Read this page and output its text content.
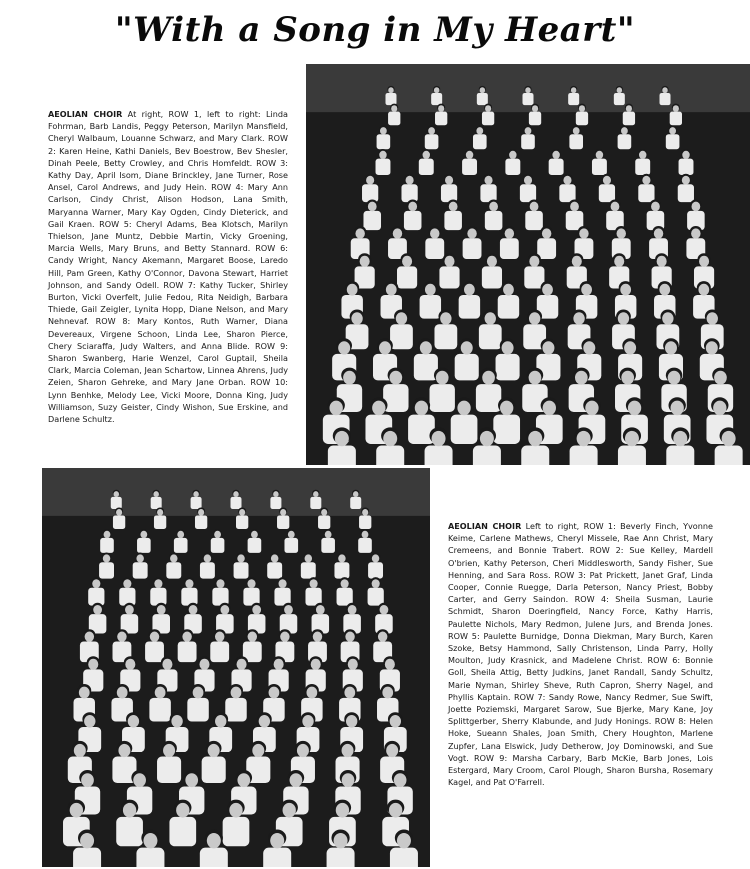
"With a Song in My Heart"
AEOLIAN CHOIR At right, ROW 1, left to right: Linda Fohrman, Barb Landis, Peggy Peterson, Marilyn Mansfield, Cheryl Walbaum, Louanne Schwarz, and Mary Clark. ROW 2: Karen Heine, Kathi Daniels, Bev Boestrow, Bev Shesler, Dinah Peele, Betty Crowley, and Chris Homfeldt. ROW 3: Kathy Day, April Isom, Diane Brinckley, Jane Turner, Rose Ansel, Carol Andrews, and Judy Hein. ROW 4: Mary Ann Carlson, Cindy Christ, Alison Hodson, Lana Smith, Maryanna Warner, Mary Kay Ogden, Cindy Dieterick, and Gail Kraen. ROW 5: Cheryl Adams, Bea Klotsch, Marilyn Thielson, Jane Muntz, Debbie Martin, Vicky Groening, Marcia Wells, Mary Bruns, and Betty Stannard. ROW 6: Candy Wright, Nancy Akemann, Margaret Boose, Laredo Hill, Pam Green, Kathy O'Connor, Davona Stewart, Harriet Johnson, and Sandy Odell. ROW 7: Kathy Tucker, Shirley Burton, Vicki Overfelt, Julie Fedou, Rita Neidigh, Barbara Thiede, Gail Zeigler, Lynita Hopp, Diane Nelson, and Mary Nehnevaf. ROW 8: Mary Kontos, Ruth Warner, Diana Devereaux, Virgene Schoon, Linda Lee, Sharon Pierce, Chery Sciaraffa, Judy Walters, and Anna Blide. ROW 9: Sharon Swanberg, Harie Wenzel, Carol Guptail, Sheila Clark, Marcia Coleman, Jean Schartow, Linnea Ahrens, Judy Zeien, Sharon Gehreke, and Mary Jane Orban. ROW 10: Lynn Benhke, Melody Lee, Vicki Moore, Donna King, Judy Williamson, Suzy Geister, Cindy Wishon, Sue Erskine, and Darlene Schultz.
AEOLIAN CHOIR Left to right, ROW 1: Beverly Finch, Yvonne Keime, Carlene Mathews, Cheryl Missele, Rae Ann Christ, Mary Cremeens, and Bonnie Trabert. ROW 2: Sue Kelley, Mardell O'brien, Kathy Peterson, Cheri Middlesworth, Sandy Fisher, Sue Henning, and Sara Ross. ROW 3: Pat Prickett, Janet Graf, Linda Cooper, Connie Ruegge, Darla Peterson, Nancy Priest, Bobby Carter, and Gerry Saindon. ROW 4: Sheila Susman, Laurie Schmidt, Sharon Doeringfield, Nancy Force, Kathy Harris, Paulette Nichols, Mary Redmon, Julene Jurs, and Brenda Jones. ROW 5: Paulette Burnidge, Donna Diekman, Mary Burch, Karen Szoke, Betsy Hammond, Sally Christenson, Linda Parry, Holly Moulton, Judy Krasnick, and Madelene Christ. ROW 6: Bonnie Goll, Sheila Attig, Betty Judkins, Janet Randall, Sandy Schultz, Marie Nyman, Shirley Sheve, Ruth Capron, Sherry Nagel, and Phyllis Kaptain. ROW 7: Sandy Rowe, Nancy Redmer, Sue Swift, Joette Poziemski, Margaret Sarow, Sue Bjerke, Mary Kane, Joy Splittgerber, Sherry Klabunde, and Judy Honings. ROW 8: Helen Hoke, Sueann Shales, Joan Smith, Chery Houghton, Marlene Zupfer, Lana Elswick, Judy Detherow, Joy Dominowski, and Sue Vogt. ROW 9: Marsha Carbary, Barb McKie, Barb Jones, Lois Estergard, Mary Croom, Carol Plough, Sharon Bursha, Rosemary Kagel, and Pat O'Farrell.
